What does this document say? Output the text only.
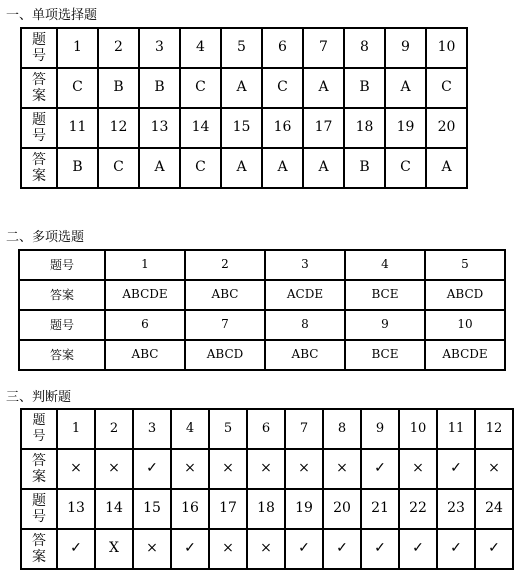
一、单项选择题
题
号	1	2	3	4	5	6	7	8	9	10

答
案	C	B	B	C	A	C	A	B	A	C

题
号	11	12	13	14	15	16	17	18	19	20

答
案	B	C	A	C	A	A	A	B	C	A
二、多项选题
题号	1	2	3	4	5
答案	ABCDE	ABC	ACDE	BCE	ABCD
题号	6	7	8	9	10
答案	ABC	ABCD	ABC	BCE	ABCDE
三、判断题
题
号	1	2	3	4	5	6	7	8	9	10	11	12

答
案	×	×	✓	×	×	×	×	×	✓	×	✓	×

题
号	13	14	15	16	17	18	19	20	21	22	23	24

答
案	✓	X	×	✓	×	×	✓	✓	✓	✓	✓	✓
